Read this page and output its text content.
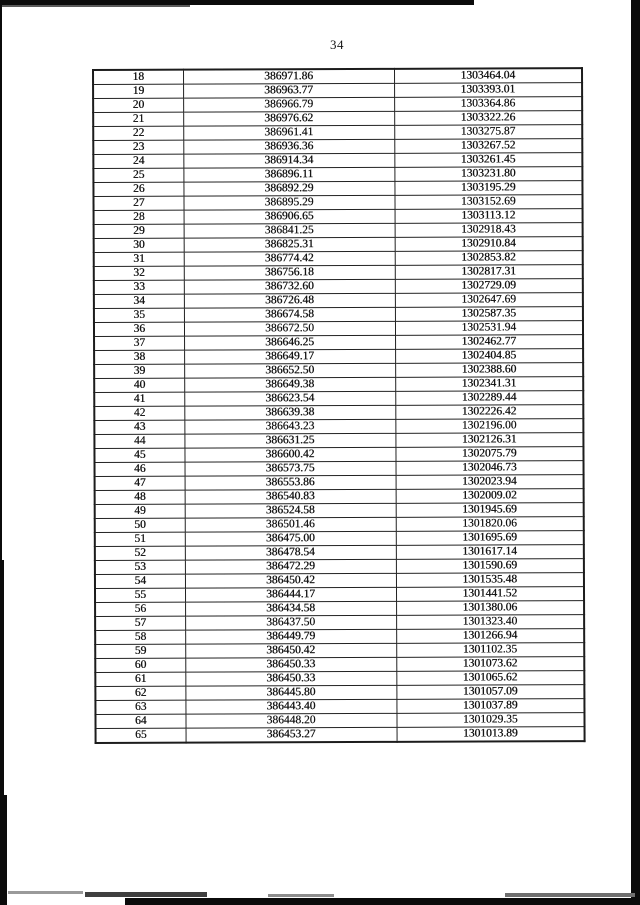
34
18	386971.86	1303464.04
19	386963.77	1303393.01
20	386966.79	1303364.86
21	386976.62	1303322.26
22	386961.41	1303275.87
23	386936.36	1303267.52
24	386914.34	1303261.45
25	386896.11	1303231.80
26	386892.29	1303195.29
27	386895.29	1303152.69
28	386906.65	1303113.12
29	386841.25	1302918.43
30	386825.31	1302910.84
31	386774.42	1302853.82
32	386756.18	1302817.31
33	386732.60	1302729.09
34	386726.48	1302647.69
35	386674.58	1302587.35
36	386672.50	1302531.94
37	386646.25	1302462.77
38	386649.17	1302404.85
39	386652.50	1302388.60
40	386649.38	1302341.31
41	386623.54	1302289.44
42	386639.38	1302226.42
43	386643.23	1302196.00
44	386631.25	1302126.31
45	386600.42	1302075.79
46	386573.75	1302046.73
47	386553.86	1302023.94
48	386540.83	1302009.02
49	386524.58	1301945.69
50	386501.46	1301820.06
51	386475.00	1301695.69
52	386478.54	1301617.14
53	386472.29	1301590.69
54	386450.42	1301535.48
55	386444.17	1301441.52
56	386434.58	1301380.06
57	386437.50	1301323.40
58	386449.79	1301266.94
59	386450.42	1301102.35
60	386450.33	1301073.62
61	386450.33	1301065.62
62	386445.80	1301057.09
63	386443.40	1301037.89
64	386448.20	1301029.35
65	386453.27	1301013.89
